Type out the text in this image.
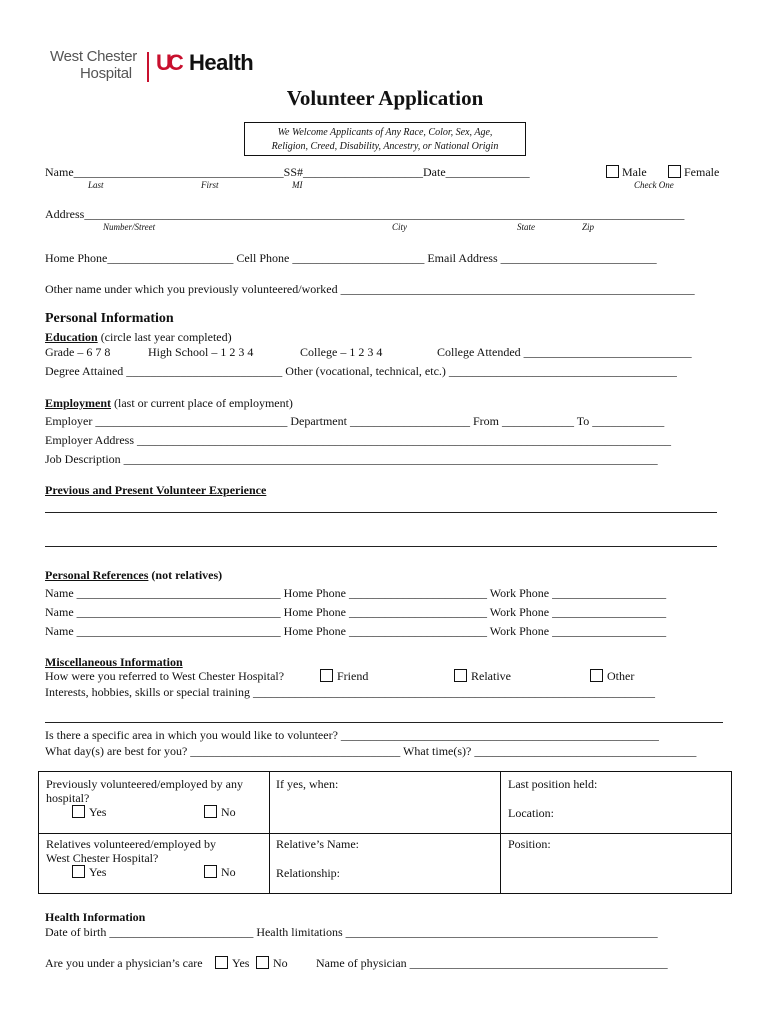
West Chester
Hospital UC Health
Volunteer Application
We Welcome Applicants of Any Race, Color, Sex, Age,
Religion, Creed, Disability, Ancestry, or National Origin
Name___________________________________SS#____________________Date______________	Male	Female
Last	First	MI	Check One
Address____________________________________________________________________________________________________
Number/Street	City	State	Zip
Home Phone_____________________ Cell Phone ______________________ Email Address __________________________
Other name under which you previously volunteered/worked ___________________________________________________________
Personal Information
Education (circle last year completed)
Grade – 6 7 8	High School – 1 2 3 4	College – 1 2 3 4	College Attended ____________________________
Degree Attained __________________________ Other (vocational, technical, etc.) ______________________________________
Employment (last or current place of employment)
Employer ________________________________ Department ____________________ From ____________ To ____________
Employer Address _________________________________________________________________________________________
Job Description _________________________________________________________________________________________
Previous and Present Volunteer Experience
Personal References (not relatives)
Name __________________________________ Home Phone _______________________ Work Phone ___________________
Name __________________________________ Home Phone _______________________ Work Phone ___________________
Name __________________________________ Home Phone _______________________ Work Phone ___________________
Miscellaneous Information
How were you referred to West Chester Hospital?	Friend	Relative	Other
Interests, hobbies, skills or special training ___________________________________________________________________
Is there a specific area in which you would like to volunteer? _____________________________________________________
What day(s) are best for you? ___________________________________ What time(s)? _____________________________________
Previously volunteered/employed by any
hospital?
Yes	No
If yes, when:	Last position held:
Location:
Relatives volunteered/employed by
West Chester Hospital?
Yes	No
Relative’s Name:
Relationship:
Position:
Health Information
Date of birth ________________________ Health limitations ____________________________________________________
Are you under a physician’s care Yes No Name of physician ___________________________________________
